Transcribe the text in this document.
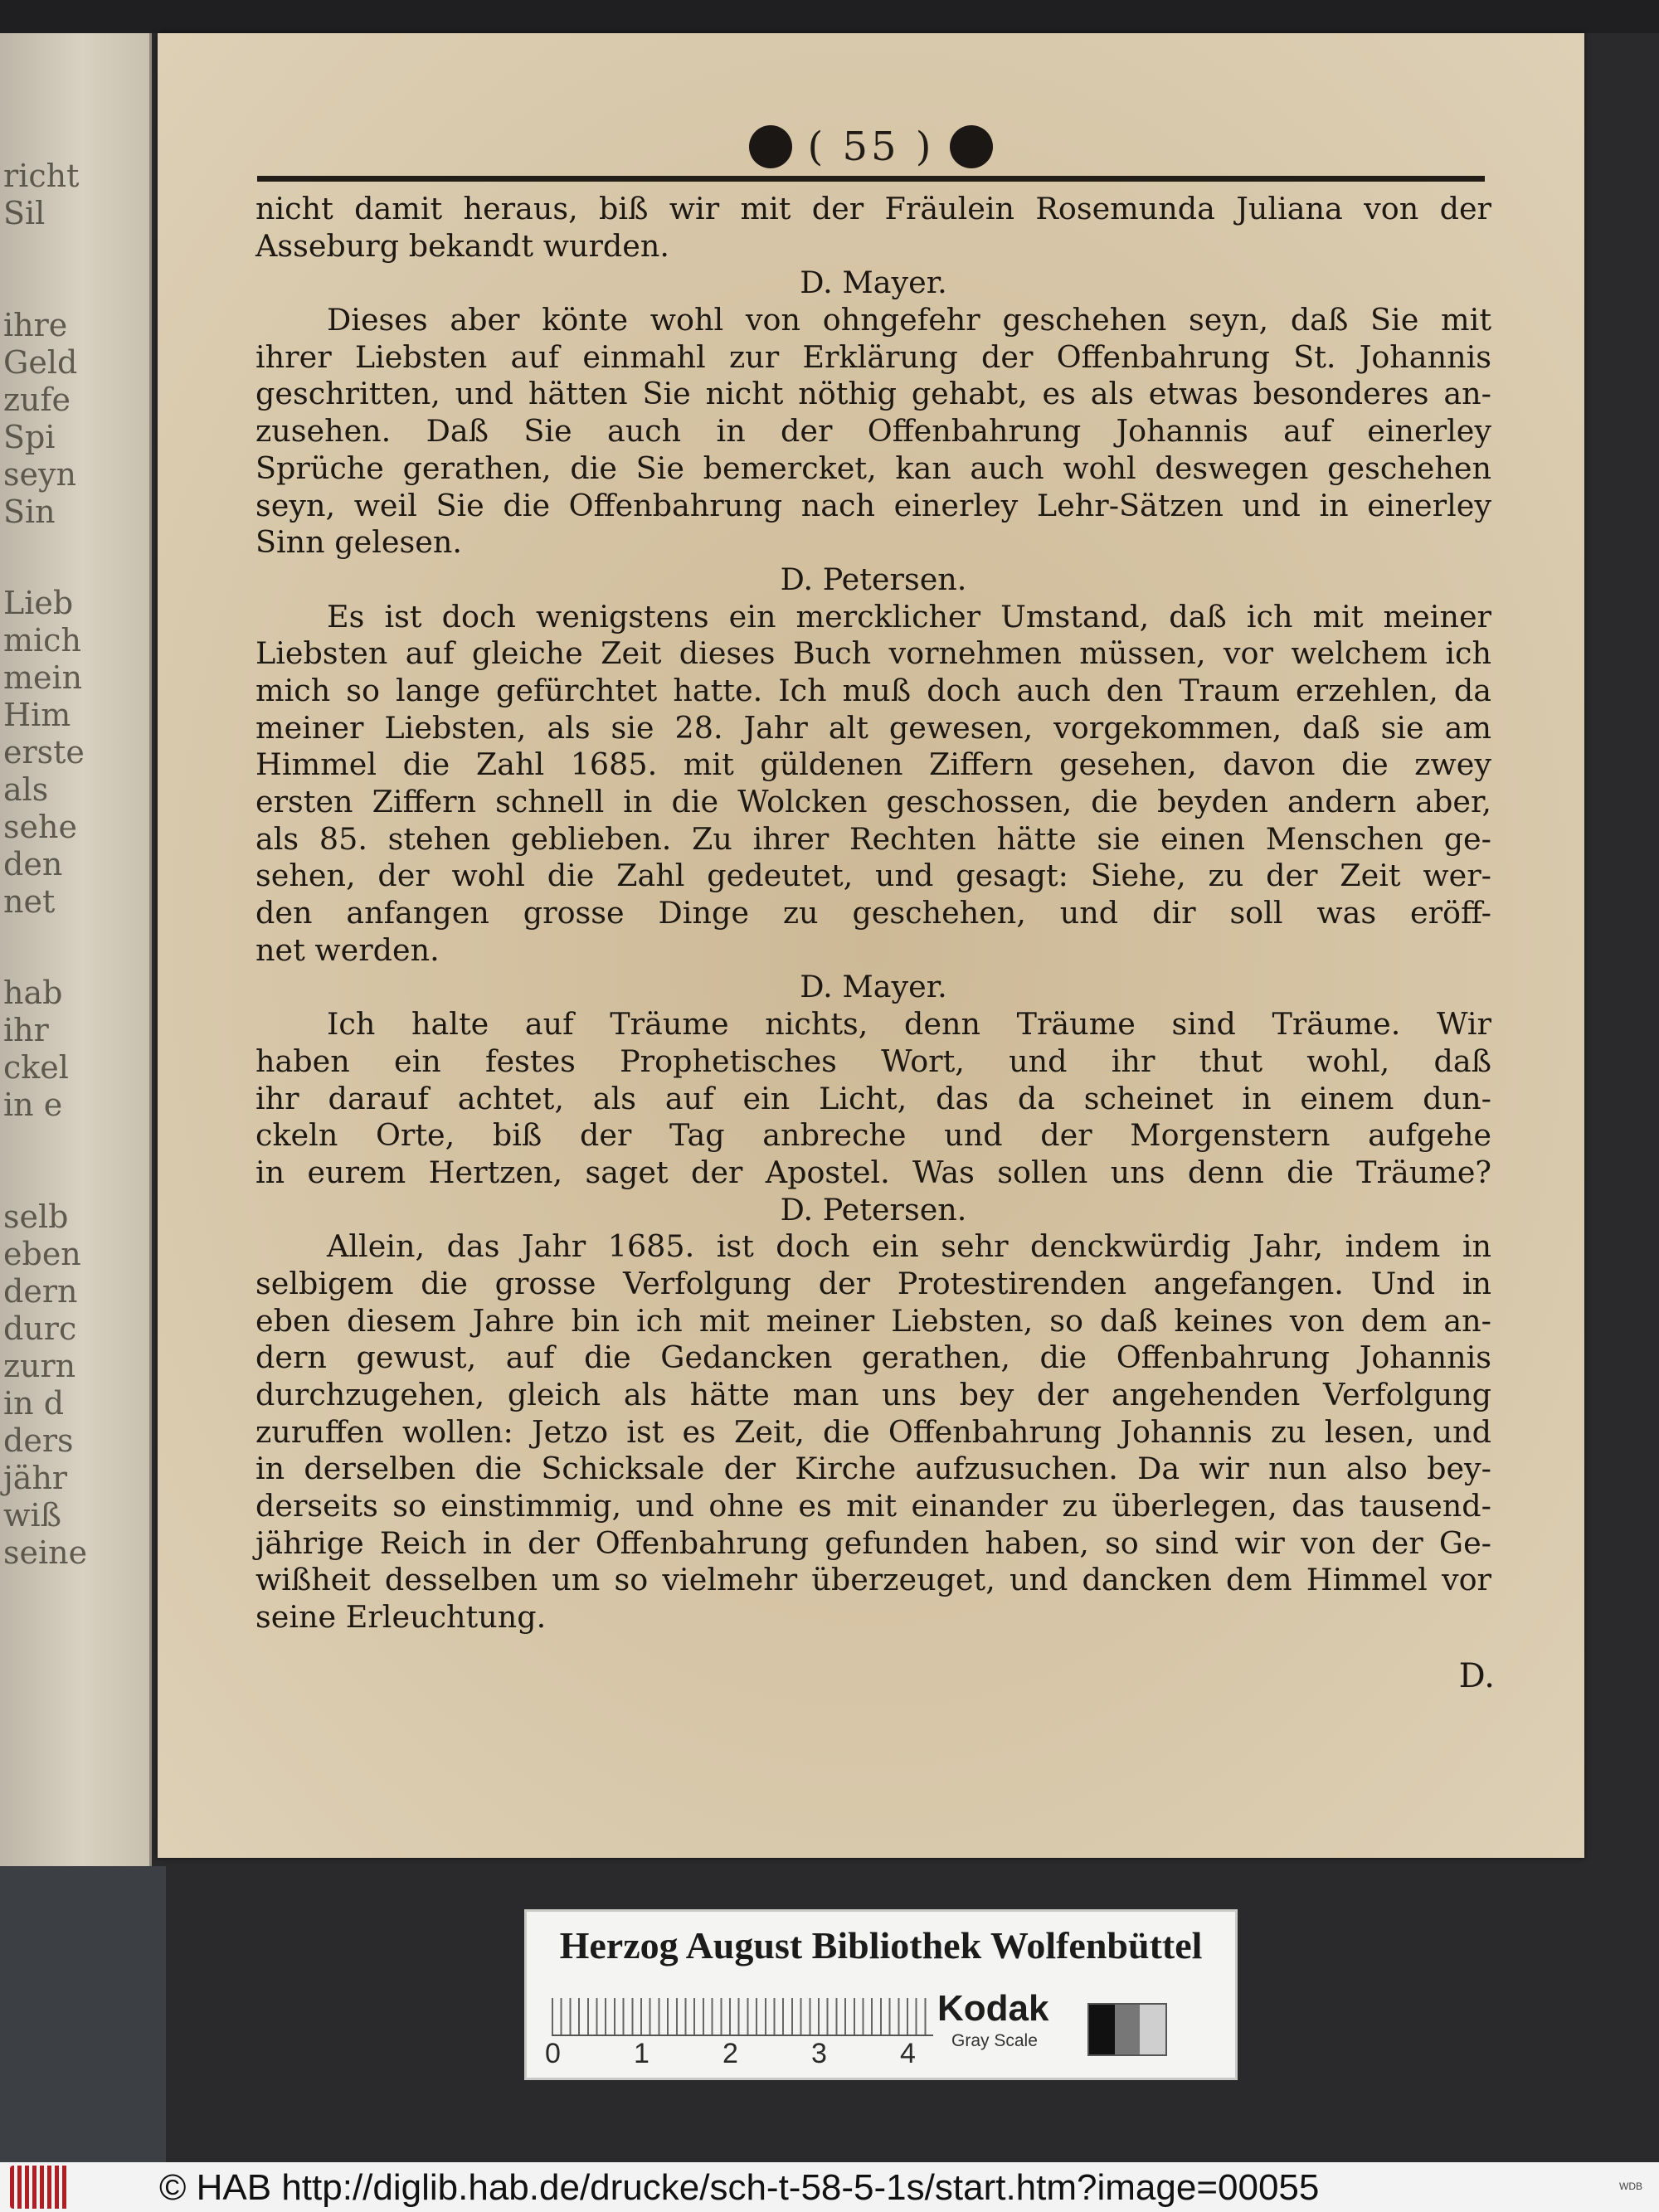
richt
Sil
ihre
Geld
zufe
Spi
seyn
Sin
Lieb
mich
mein
Him
erste
als
sehe
den
net
hab
ihr
ckel
in e
selb
eben
dern
durc
zurn
in d
ders
jähr
wiß
seine
( 55 )
nicht damit heraus, biß wir mit der Fräulein Rosemunda Juliana von der
Asseburg bekandt wurden.
D. Mayer.
Dieses aber könte wohl von ohngefehr geschehen seyn, daß Sie mit
ihrer Liebsten auf einmahl zur Erklärung der Offenbahrung St. Johannis
geschritten, und hätten Sie nicht nöthig gehabt, es als etwas besonderes an-
zusehen. Daß Sie auch in der Offenbahrung Johannis auf einerley
Sprüche gerathen, die Sie bemercket, kan auch wohl deswegen geschehen
seyn, weil Sie die Offenbahrung nach einerley Lehr-Sätzen und in einerley
Sinn gelesen.
D. Petersen.
Es ist doch wenigstens ein mercklicher Umstand, daß ich mit meiner
Liebsten auf gleiche Zeit dieses Buch vornehmen müssen, vor welchem ich
mich so lange gefürchtet hatte. Ich muß doch auch den Traum erzehlen, da
meiner Liebsten, als sie 28. Jahr alt gewesen, vorgekommen, daß sie am
Himmel die Zahl 1685. mit güldenen Ziffern gesehen, davon die zwey
ersten Ziffern schnell in die Wolcken geschossen, die beyden andern aber,
als 85. stehen geblieben. Zu ihrer Rechten hätte sie einen Menschen ge-
sehen, der wohl die Zahl gedeutet, und gesagt: Siehe, zu der Zeit wer-
den anfangen grosse Dinge zu geschehen, und dir soll was eröff-
net werden.
D. Mayer.
Ich halte auf Träume nichts, denn Träume sind Träume. Wir
haben ein festes Prophetisches Wort, und ihr thut wohl, daß
ihr darauf achtet, als auf ein Licht, das da scheinet in einem dun-
ckeln Orte, biß der Tag anbreche und der Morgenstern aufgehe
in eurem Hertzen, saget der Apostel. Was sollen uns denn die Träume?
D. Petersen.
Allein, das Jahr 1685. ist doch ein sehr denckwürdig Jahr, indem in
selbigem die grosse Verfolgung der Protestirenden angefangen. Und in
eben diesem Jahre bin ich mit meiner Liebsten, so daß keines von dem an-
dern gewust, auf die Gedancken gerathen, die Offenbahrung Johannis
durchzugehen, gleich als hätte man uns bey der angehenden Verfolgung
zuruffen wollen: Jetzo ist es Zeit, die Offenbahrung Johannis zu lesen, und
in derselben die Schicksale der Kirche aufzusuchen. Da wir nun also bey-
derseits so einstimmig, und ohne es mit einander zu überlegen, das tausend-
jährige Reich in der Offenbahrung gefunden haben, so sind wir von der Ge-
wißheit desselben um so vielmehr überzeuget, und dancken dem Himmel vor
seine Erleuchtung.
D.
Herzog August Bibliothek Wolfenbüttel
0	1	2	3	4
Kodak
Gray Scale
© HAB http://diglib.hab.de/drucke/sch-t-58-5-1s/start.htm?image=00055	WDB
